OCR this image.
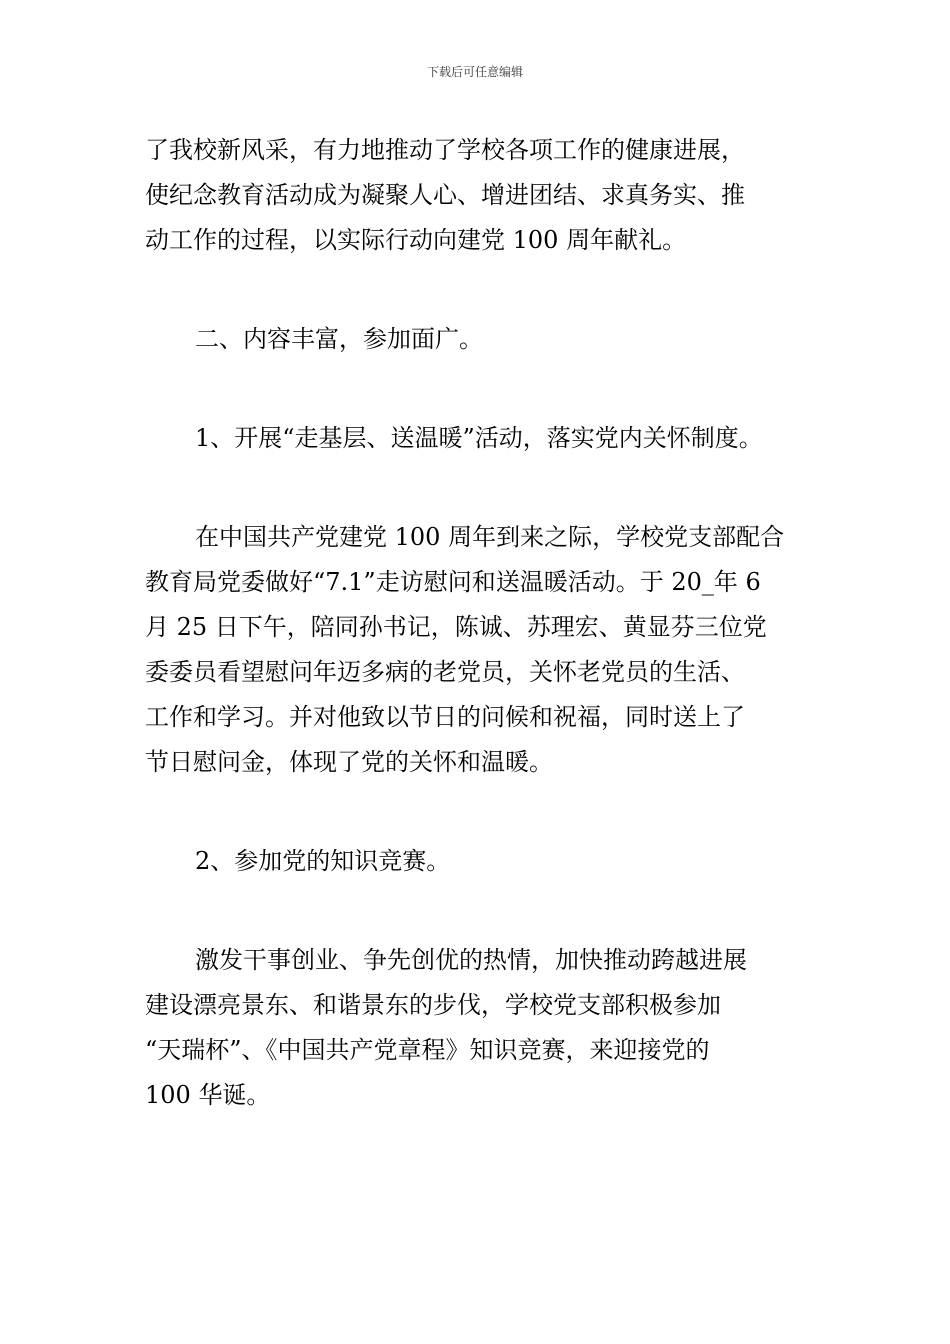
下载后可任意编辑
了我校新风采，有力地推动了学校各项工作的健康进展，
使纪念教育活动成为凝聚人心、增进团结、求真务实、推
动工作的过程，以实际行动向建党 100 周年献礼。
二、内容丰富，参加面广。
1、开展“走基层、送温暖”活动，落实党内关怀制度。
在中国共产党建党 100 周年到来之际，学校党支部配合
教育局党委做好“7.1”走访慰问和送温暖活动。于 20_年 6
月 25 日下午，陪同孙书记，陈诚、苏理宏、黄显芬三位党
委委员看望慰问年迈多病的老党员，关怀老党员的生活、
工作和学习。并对他致以节日的问候和祝福，同时送上了
节日慰问金，体现了党的关怀和温暖。
2、参加党的知识竞赛。
激发干事创业、争先创优的热情，加快推动跨越进展
建设漂亮景东、和谐景东的步伐，学校党支部积极参加
“天瑞杯”、《中国共产党章程》知识竞赛，来迎接党的
100 华诞。
